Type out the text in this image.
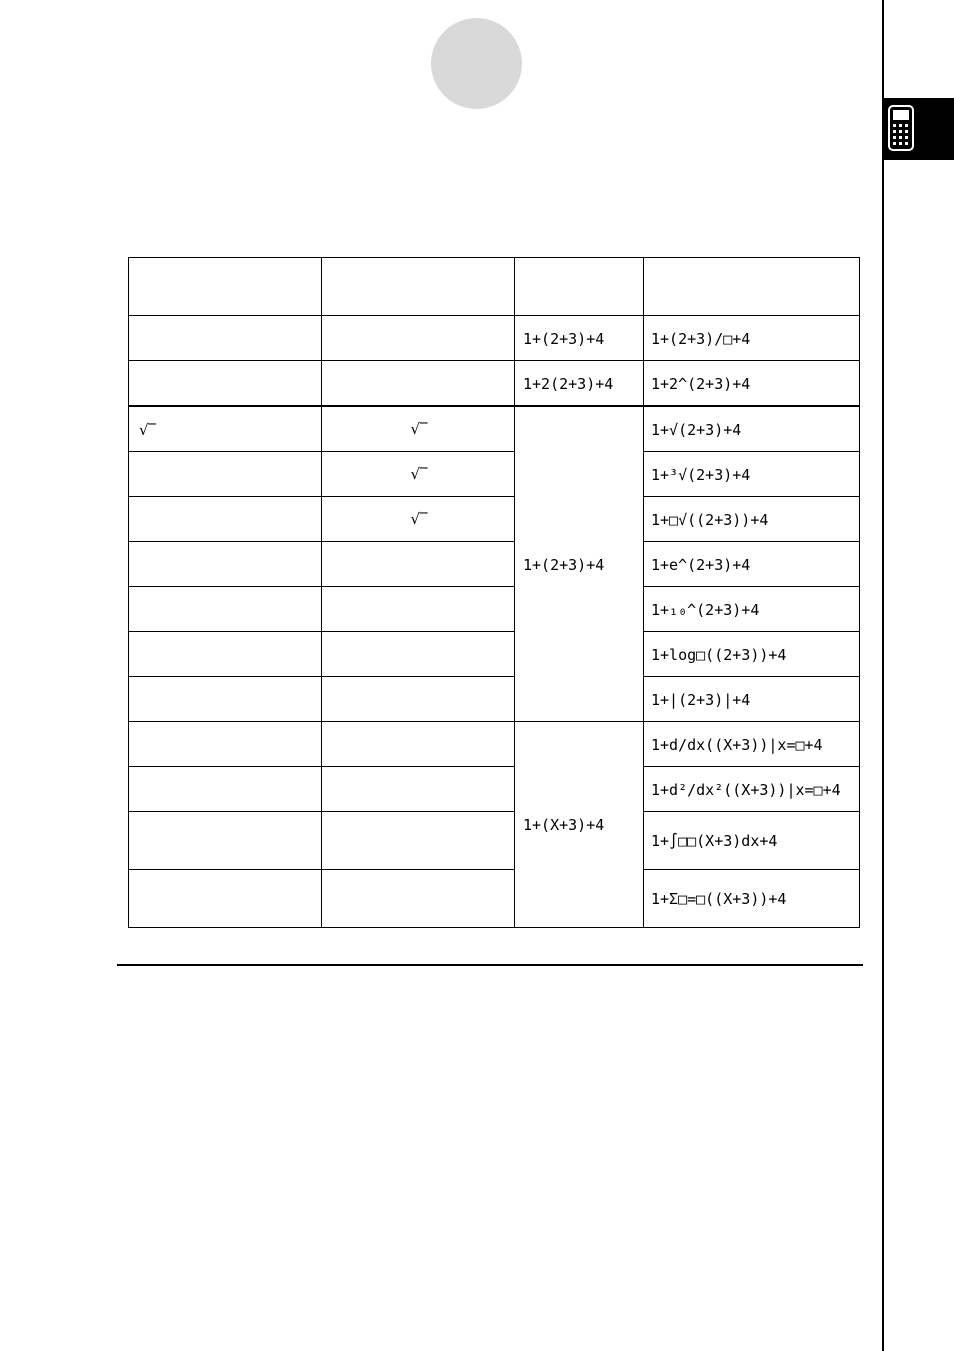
		1+(2+3)+4	1+(2+3)/□+4
		1+2(2+3)+4	1+2^(2+3)+4
√‾	√‾	1+(2+3)+4	1+√(2+3)+4

	√‾		1+³√(2+3)+4

	√‾		1+□√((2+3))+4
			1+e^(2+3)+4
			1+₁₀^(2+3)+4
			1+log□((2+3))+4
			1+|(2+3)|+4
		1+(X+3)+4	1+d/dx((X+3))|x=□+4
			1+d²/dx²((X+3))|x=□+4
			1+∫□□(X+3)dx+4
			1+Σ□=□((X+3))+4
